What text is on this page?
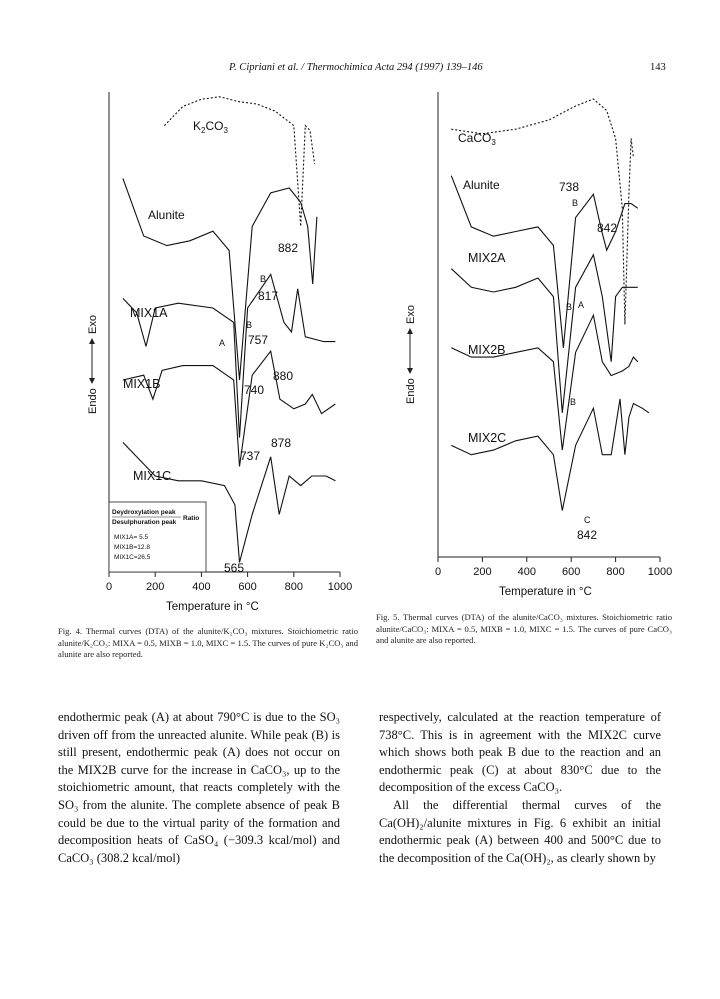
P. Cipriani et al. / Thermochimica Acta 294 (1997) 139–146	143
0	200	400	600	800 1000
$K_2CO_3$
Alunite
MIX1A
MIX1B
MIX1C
882
B
817
B
757
A
880
740
878
737
565
Endo
Exo
Deydroxylation peak
Ratio
Desulphuration peak
MIX1A= 5.5
MIX1B=12.8
MIX1C=26.5
Temperature in °C
0	200 400 600 800 1000
CaCO$_3$
Alunite
MIX2A
MIX2B
MIX2C
738
B
842
B A
B
C
842
Endo
Exo
Temperature in °C

Fig. 4. Thermal curves (DTA) of the alunite/K₂CO₃ mixtures. Stoichiometric ratio alunite/K₂CO₃: MIXA = 0.5, MIXB = 1.0, MIXC = 1.5. The curves of pure K₂CO₃ and alunite are also reported.

Fig. 5. Thermal curves (DTA) of the alunite/CaCO₃ mixtures. Stoichiometric ratio alunite/CaCO₃: MIXA = 0.5, MIXB = 1.0, MIXC = 1.5. The curves of pure CaCO₃ and alunite are also reported.

endothermic peak (A) at about 790°C is due to the SO₃ driven off from the unreacted alunite. While peak (B) is still present, endothermic peak (A) does not occur on the MIX2B curve for the increase in CaCO₃, up to the stoichiometric amount, that reacts completely with the SO₃ from the alunite. The complete absence of peak B could be due to the virtual parity of the formation and decomposition heats of CaSO₄ (−309.3 kcal/mol) and CaCO₃ (308.2 kcal/mol)

respectively, calculated at the reaction temperature of 738°C. This is in agreement with the MIX2C curve which shows both peak B due to the reaction and an endothermic peak (C) at about 830°C due to the decomposition of the excess CaCO₃.

All the differential thermal curves of the Ca(OH)₂/alunite mixtures in Fig. 6 exhibit an initial endothermic peak (A) between 400 and 500°C due to the decomposition of the Ca(OH)₂, as clearly shown by
